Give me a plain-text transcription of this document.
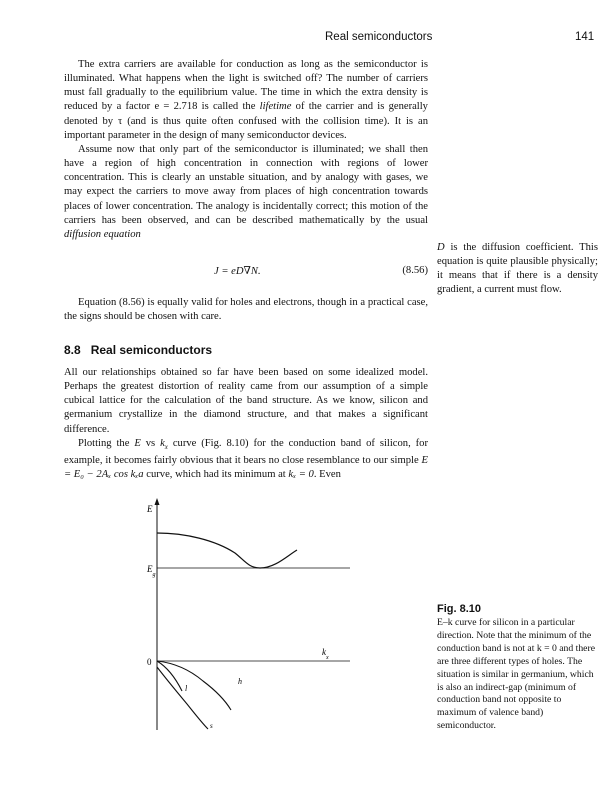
Real semiconductors	141

The extra carriers are available for conduction as long as the semiconductor is illuminated. What happens when the light is switched off? The number of carriers must fall gradually to the equilibrium value. The time in which the extra density is reduced by a factor e = 2.718 is called the lifetime of the carrier and is generally denoted by τ (and is thus quite often confused with the collision time). It is an important parameter in the design of many semiconductor devices.

Assume now that only part of the semiconductor is illuminated; we shall then have a region of high concentration in connection with regions of lower concentration. This is clearly an unstable situation, and by analogy with gases, we may expect the carriers to move away from places of high concentration towards places of lower concentration. The analogy is incidentally correct; this motion of the carriers has been observed, and can be described mathematically by the usual diffusion equation

J = eD∇N.	(8.56)

Equation (8.56) is equally valid for holes and electrons, though in a practical case, the signs should be chosen with care.

8.8 Real semiconductors

All our relationships obtained so far have been based on some idealized model. Perhaps the greatest distortion of reality came from our assumption of a simple cubical lattice for the calculation of the band structure. As we know, silicon and germanium crystallize in the diamond structure, and that makes a significant difference.

Plotting the E vs $k_x$ curve (Fig. 8.10) for the conduction band of silicon, for example, it becomes fairly obvious that it bears no close resemblance to our simple E = E₀ − 2Aₓ cos kₓa curve, which had its minimum at kₓ = 0. Even

D is the diffusion coefficient. This equation is quite plausible physically; it means that if there is a density gradient, a current must flow.
E
$E_g$
0
$k_x$
l
h
s
Fig. 8.10
E–k curve for silicon in a particular direction. Note that the minimum of the conduction band is not at k = 0 and there are three different types of holes. The situation is similar in germanium, which is also an indirect-gap (minimum of conduction band not opposite to maximum of valence band) semiconductor.
